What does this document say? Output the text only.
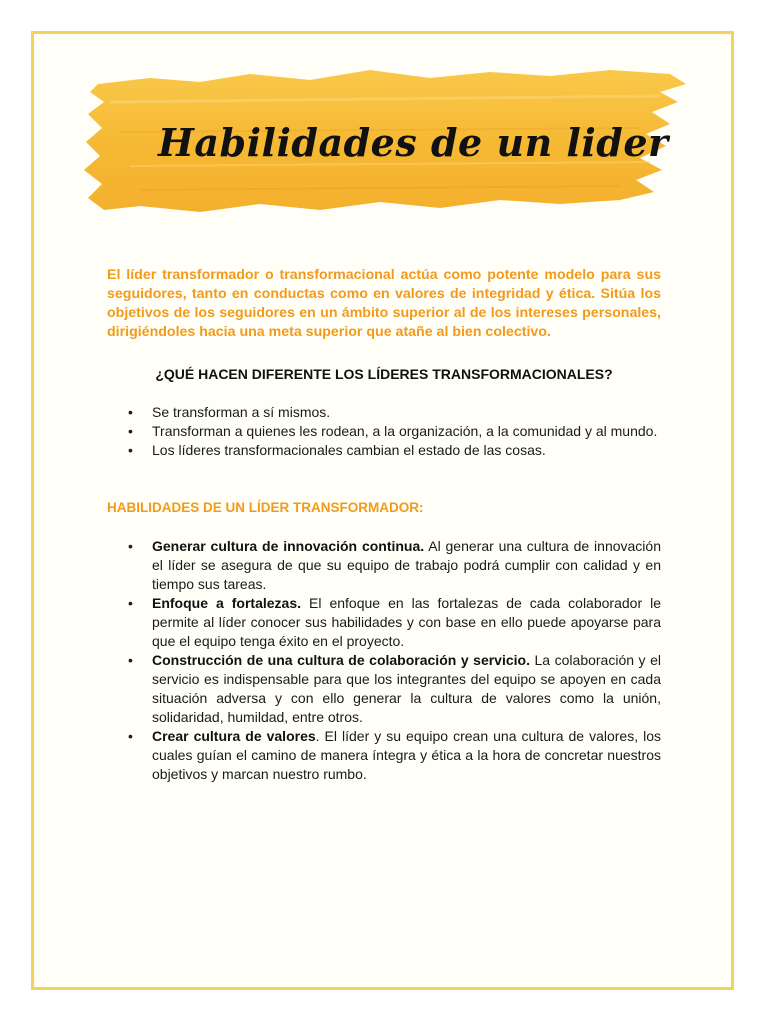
Habilidades de un lider

El líder transformador o transformacional actúa como potente modelo para sus seguidores, tanto en conductas como en valores de integridad y ética. Sitúa los objetivos de los seguidores en un ámbito superior al de los intereses personales, dirigiéndoles hacia una meta superior que atañe al bien colectivo.

¿QUÉ HACEN DIFERENTE LOS LÍDERES TRANSFORMACIONALES?

• Se transforman a sí mismos.
• Transforman a quienes les rodean, a la organización, a la comunidad y al mundo.
• Los líderes transformacionales cambian el estado de las cosas.

HABILIDADES DE UN LÍDER TRANSFORMADOR:

• Generar cultura de innovación continua. Al generar una cultura de innovación el líder se asegura de que su equipo de trabajo podrá cumplir con calidad y en tiempo sus tareas.
• Enfoque a fortalezas. El enfoque en las fortalezas de cada colaborador le permite al líder conocer sus habilidades y con base en ello puede apoyarse para que el equipo tenga éxito en el proyecto.
• Construcción de una cultura de colaboración y servicio. La colaboración y el servicio es indispensable para que los integrantes del equipo se apoyen en cada situación adversa y con ello generar la cultura de valores como la unión, solidaridad, humildad, entre otros.
• Crear cultura de valores. El líder y su equipo crean una cultura de valores, los cuales guían el camino de manera íntegra y ética a la hora de concretar nuestros objetivos y marcan nuestro rumbo.
